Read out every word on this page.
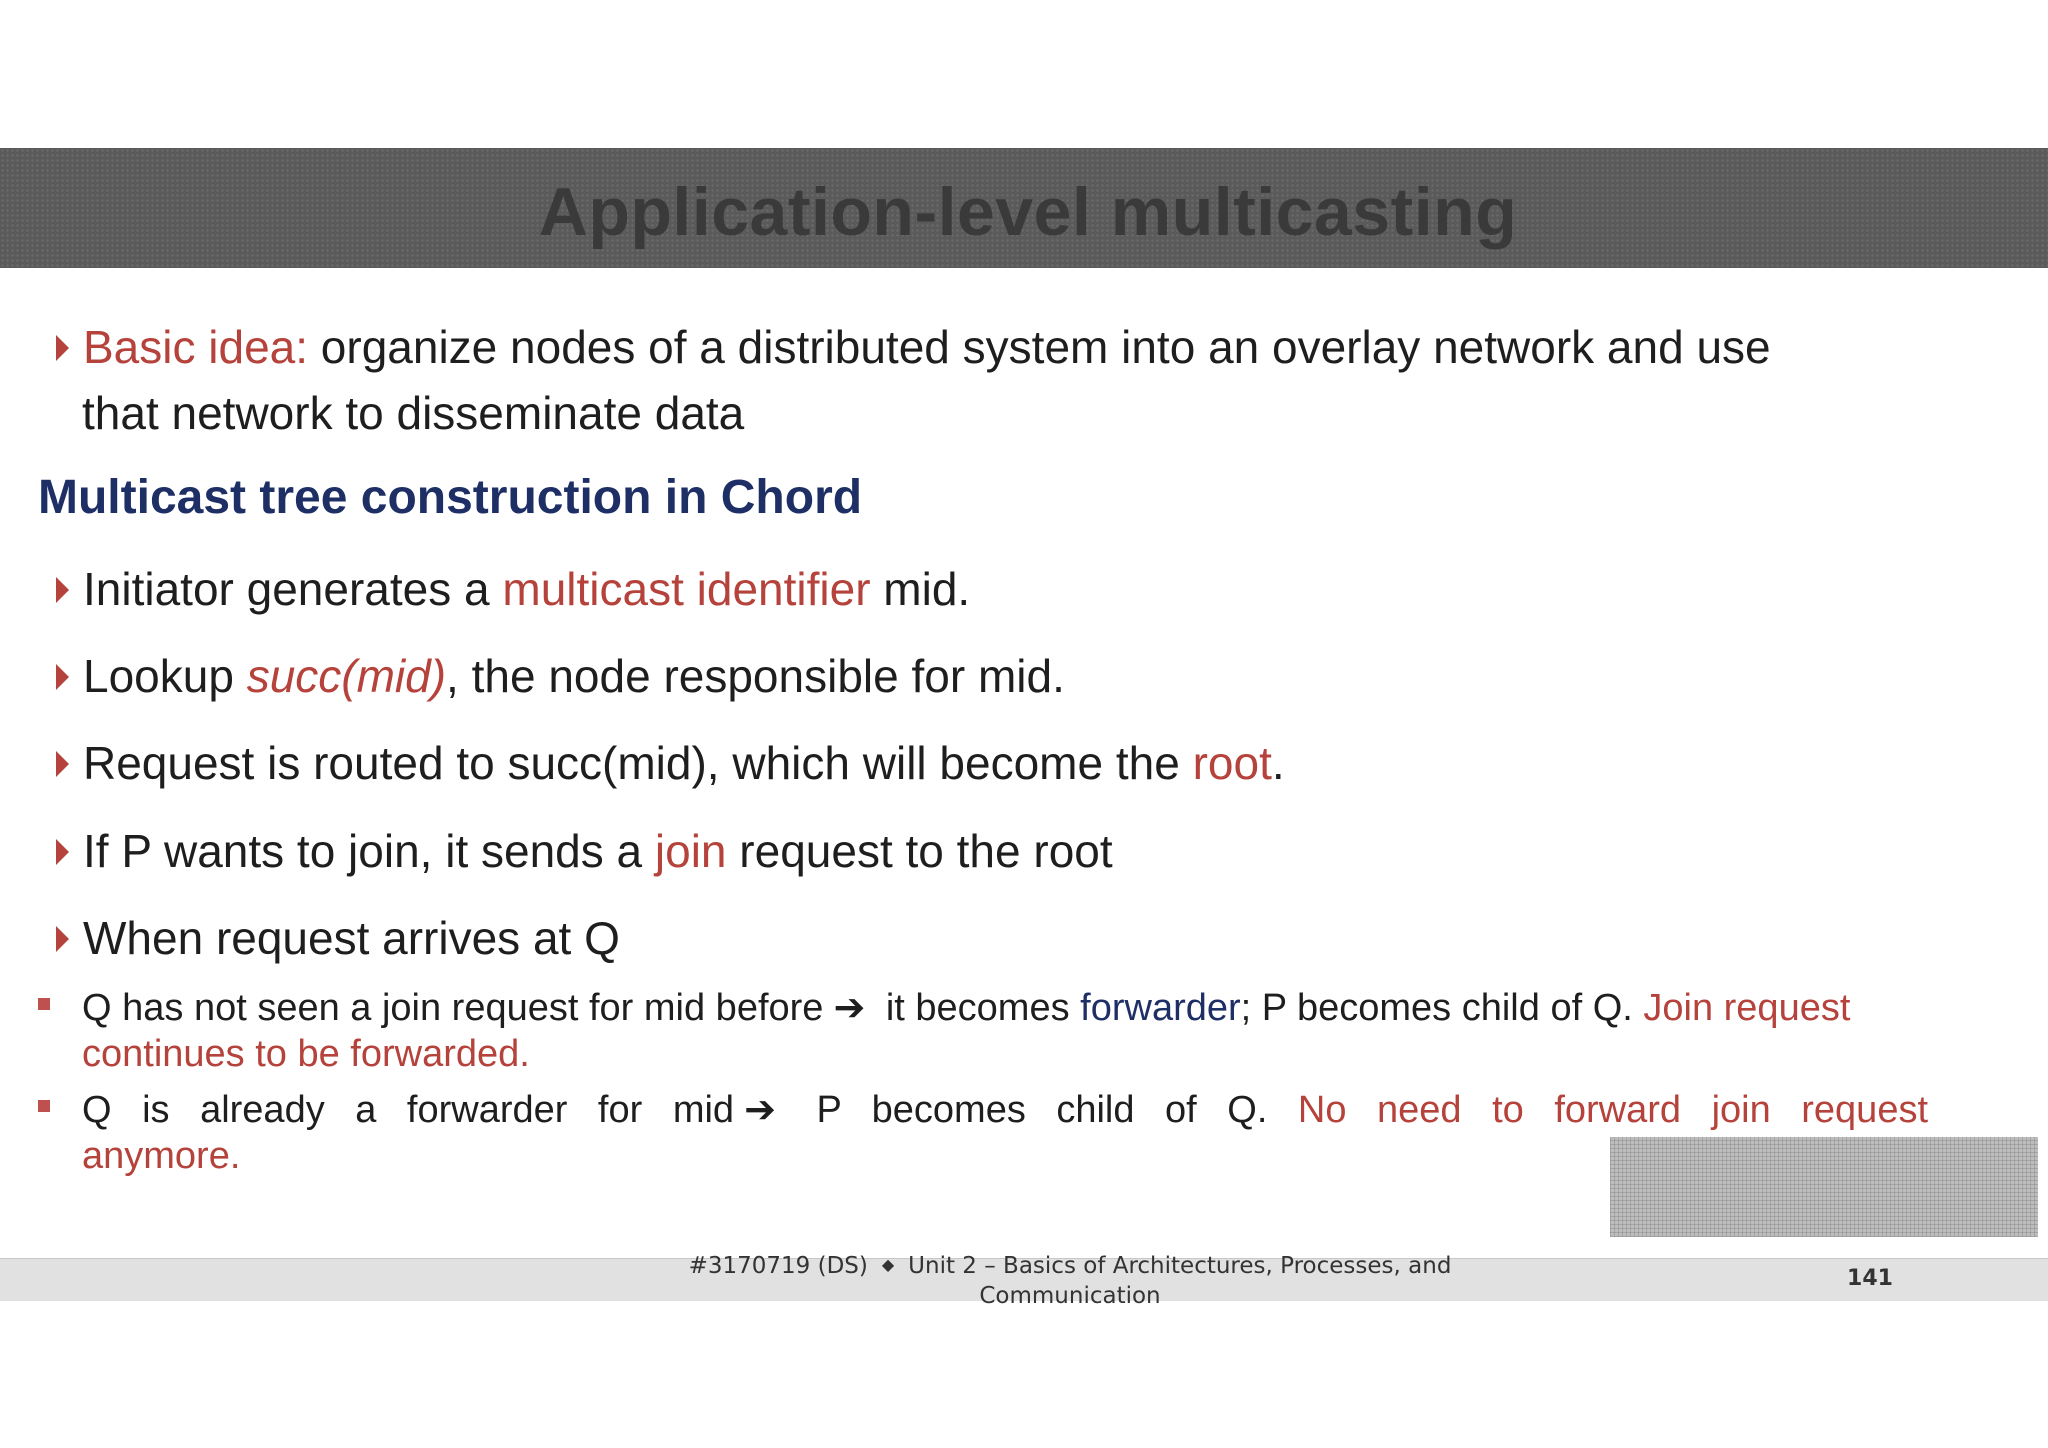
Application-level multicasting
Basic idea: organize nodes of a distributed system into an overlay network and use
that network to disseminate data
Multicast tree construction in Chord
Initiator generates a multicast identifier mid.
Lookup succ(mid), the node responsible for mid.
Request is routed to succ(mid), which will become the root.
If P wants to join, it sends a join request to the root
When request arrives at Q
Q has not seen a join request for mid before ➔ it becomes forwarder; P becomes child of Q. Join request continues to be forwarded.
Q is already a forwarder for mid ➔ P becomes child of Q. No need to forward join request anymore.
#3170719 (DS) ◆ Unit 2 – Basics of Architectures, Processes, and Communication
141
